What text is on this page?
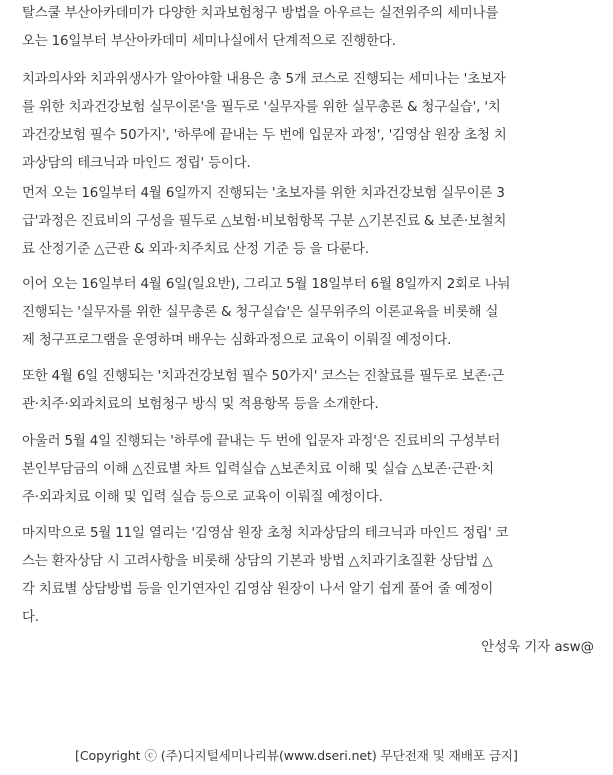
탈스쿨 부산아카데미가 다양한 치과보험청구 방법을 아우르는 실전위주의 세미나를
오는 16일부터 부산아카데미 세미나실에서 단계적으로 진행한다.
치과의사와 치과위생사가 알아야할 내용은 총 5개 코스로 진행되는 세미나는 '초보자
를 위한 치과건강보험 실무이론'을 필두로 '실무자를 위한 실무총론 & 청구실습', '치
과건강보험 필수 50가지', '하루에 끝내는 두 번에 입문자 과정', '김영삼 원장 초청 치
과상담의 테크닉과 마인드 정립' 등이다.
먼저 오는 16일부터 4월 6일까지 진행되는 '초보자를 위한 치과건강보험 실무이론 3
급'과정은 진료비의 구성을 필두로 △보험·비보험항목 구분 △기본진료 & 보존·보철치
료 산정기준 △근관 & 외과·치주치료 산정 기준 등 을 다룬다.
이어 오는 16일부터 4월 6일(일요반), 그리고 5월 18일부터 6월 8일까지 2회로 나눠
진행되는 '실무자를 위한 실무총론 & 청구실습'은 실무위주의 이론교육을 비롯해 실
제 청구프로그램을 운영하며 배우는 심화과정으로 교육이 이뤄질 예정이다.
또한 4월 6일 진행되는 '치과건강보험 필수 50가지' 코스는 진찰료를 필두로 보존·근
관·치주·외과치료의 보험청구 방식 및 적용항목 등을 소개한다.
아울러 5월 4일 진행되는 '하루에 끝내는 두 번에 입문자 과정'은 진료비의 구성부터
본인부담금의 이해 △진료별 차트 입력실습 △보존치료 이해 및 실습 △보존·근관·치
주·외과치료 이해 및 입력 실습 등으로 교육이 이뤄질 예정이다.
마지막으로 5월 11일 열리는 '김영삼 원장 초청 치과상담의 테크닉과 마인드 정립' 코
스는 환자상담 시 고려사항을 비롯해 상담의 기본과 방법 △치과기초질환 상담법 △
각 치료별 상담방법 등을 인기연자인 김영삼 원장이 나서 알기 쉽게 풀어 줄 예정이
다.
안성욱 기자 asw@
[Copyright ⓒ (주)디지털세미나리뷰(www.dseri.net) 무단전재 및 재배포 금지]
